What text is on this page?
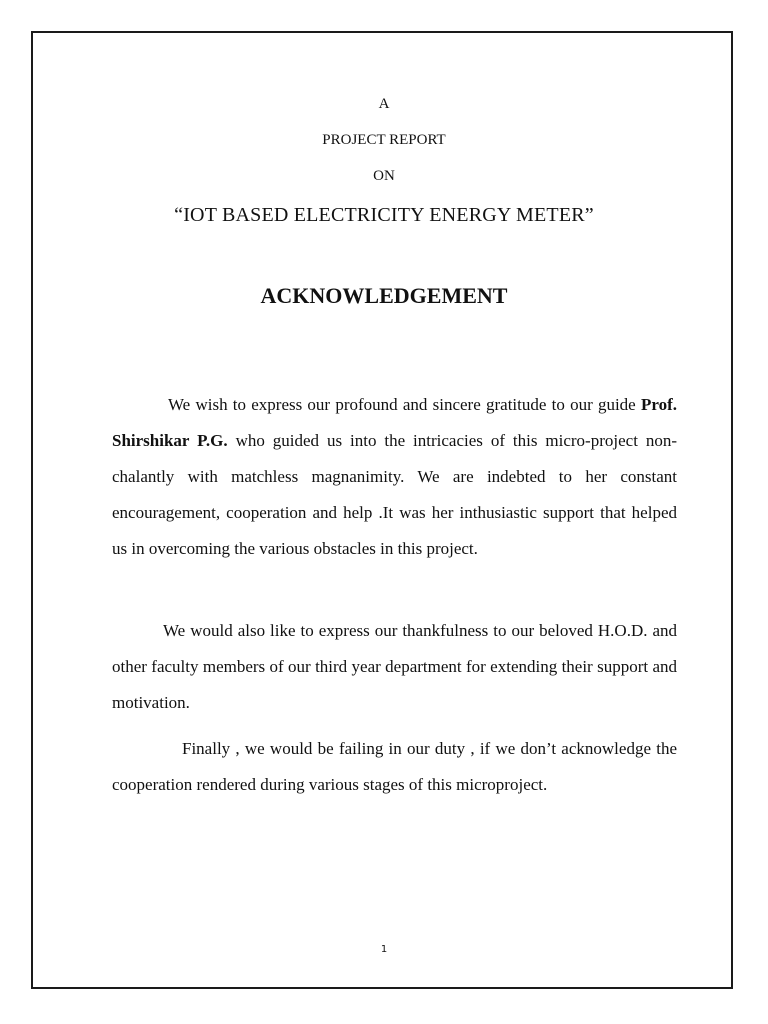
A
PROJECT REPORT
ON
“IOT BASED ELECTRICITY ENERGY METER”
ACKNOWLEDGEMENT

We wish to express our profound and sincere gratitude to our guide Prof. Shirshikar P.G. who guided us into the intricacies of this micro-project non-chalantly with matchless magnanimity. We are indebted to her constant encouragement, cooperation and help .It was her inthusiastic support that helped us in overcoming the various obstacles in this project.

We would also like to express our thankfulness to our beloved H.O.D. and other faculty members of our third year department for extending their support and motivation.

Finally , we would be failing in our duty , if we don’t acknowledge the cooperation rendered during various stages of this microproject.

1
